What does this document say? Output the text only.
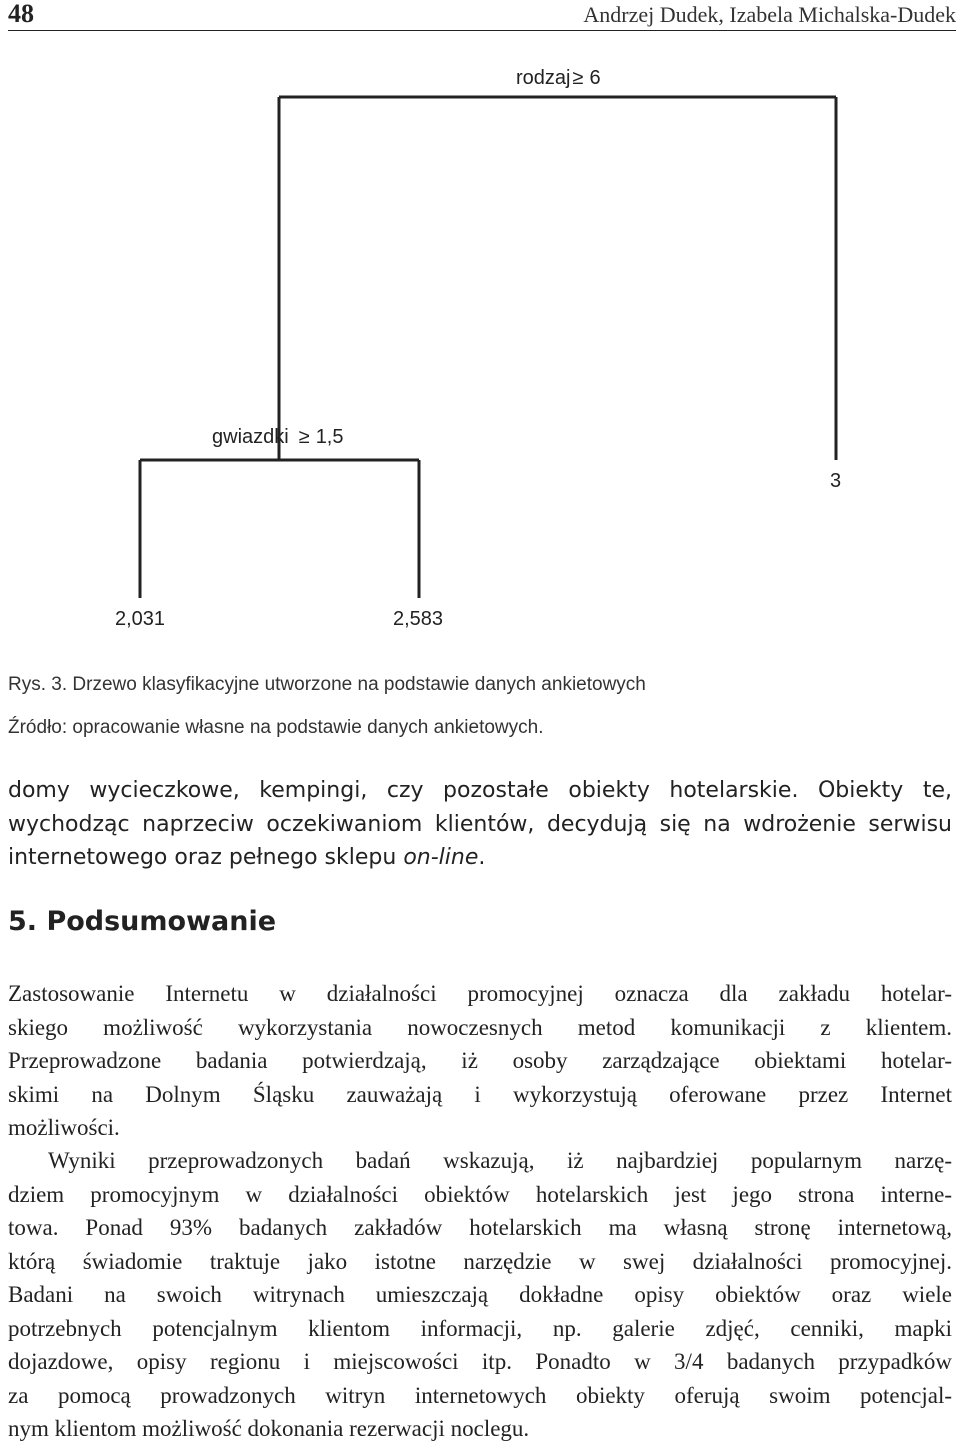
48	Andrzej Dudek, Izabela Michalska-Dudek
rodzaj ≥ 6
gwiazdki ≥ 1,5
3
2,031	2,583
Rys. 3. Drzewo klasyfikacyjne utworzone na podstawie danych ankietowych
Źródło: opracowanie własne na podstawie danych ankietowych.
domy wycieczkowe, kempingi, czy pozostałe obiekty hotelarskie. Obiekty te,
wychodząc naprzeciw oczekiwaniom klientów, decydują się na wdrożenie serwisu
internetowego oraz pełnego sklepu on-line.
5. Podsumowanie
Zastosowanie Internetu w działalności promocyjnej oznacza dla zakładu hotelar-
skiego możliwość wykorzystania nowoczesnych metod komunikacji z klientem.
Przeprowadzone badania potwierdzają, iż osoby zarządzające obiektami hotelar-
skimi na Dolnym Śląsku zauważają i wykorzystują oferowane przez Internet
możliwości.
Wyniki przeprowadzonych badań wskazują, iż najbardziej popularnym narzę-
dziem promocyjnym w działalności obiektów hotelarskich jest jego strona interne-
towa. Ponad 93% badanych zakładów hotelarskich ma własną stronę internetową,
którą świadomie traktuje jako istotne narzędzie w swej działalności promocyjnej.
Badani na swoich witrynach umieszczają dokładne opisy obiektów oraz wiele
potrzebnych potencjalnym klientom informacji, np. galerie zdjęć, cenniki, mapki
dojazdowe, opisy regionu i miejscowości itp. Ponadto w 3/4 badanych przypadków
za pomocą prowadzonych witryn internetowych obiekty oferują swoim potencjal-
nym klientom możliwość dokonania rezerwacji noclegu.
